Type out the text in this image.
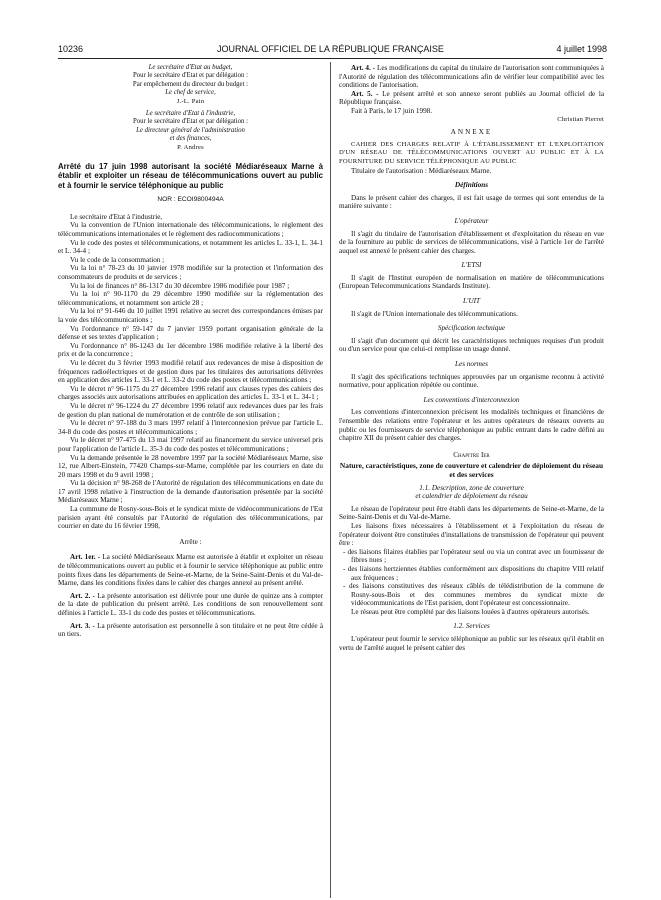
10236	JOURNAL OFFICIEL DE LA RÉPUBLIQUE FRANÇAISE	4 juillet 1998
Le secrétaire d'Etat au budget,
Pour le secrétaire d'Etat et par délégation :
Par empêchement du directeur du budget :
Le chef de service,
J.-L. Pain
Le secrétaire d'Etat à l'industrie,
Pour le secrétaire d'Etat et par délégation :
Le directeur général de l'administration
et des finances,
P. Andres
Arrêté du 17 juin 1998 autorisant la société Médiaréseaux Marne à établir et exploiter un réseau de télécommunications ouvert au public et à fournir le service téléphonique au public
NOR : ECOI9800494A

Le secrétaire d'Etat à l'industrie,

Vu la convention de l'Union internationale des télécommunications, le règlement des télécommunications internationales et le règlement des radiocommunications ;

Vu le code des postes et télécommunications, et notamment les articles L. 33-1, L. 34-1 et L. 34-4 ;

Vu le code de la consommation ;

Vu la loi n° 78-23 du 10 janvier 1978 modifiée sur la protection et l'information des consommateurs de produits et de services ;

Vu la loi de finances n° 86-1317 du 30 décembre 1986 modifiée pour 1987 ;

Vu la loi n° 90-1170 du 29 décembre 1990 modifiée sur la réglementation des télécommunications, et notamment son article 28 ;

Vu la loi n° 91-646 du 10 juillet 1991 relative au secret des correspondances émises par la voie des télécommunications ;

Vu l'ordonnance n° 59-147 du 7 janvier 1959 portant organisation générale de la défense et ses textes d'application ;

Vu l'ordonnance n° 86-1243 du 1er décembre 1986 modifiée relative à la liberté des prix et de la concurrence ;

Vu le décret du 3 février 1993 modifié relatif aux redevances de mise à disposition de fréquences radioélectriques et de gestion dues par les titulaires des autorisations délivrées en application des articles L. 33-1 et L. 33-2 du code des postes et télécommunications ;

Vu le décret n° 96-1175 du 27 décembre 1996 relatif aux clauses types des cahiers des charges associés aux autorisations attribuées en application des articles L. 33-1 et L. 34-1 ;

Vu le décret n° 96-1224 du 27 décembre 1996 relatif aux redevances dues par les frais de gestion du plan national de numérotation et de contrôle de son utilisation ;

Vu le décret n° 97-188 du 3 mars 1997 relatif à l'interconnexion prévue par l'article L. 34-8 du code des postes et télécommunications ;

Vu le décret n° 97-475 du 13 mai 1997 relatif au financement du service universel pris pour l'application de l'article L. 35-3 du code des postes et télécommunications ;

Vu la demande présentée le 28 novembre 1997 par la société Médiaréseaux Marne, sise 12, rue Albert-Einstein, 77420 Champs-sur-Marne, complétée par les courriers en date du 20 mars 1998 et du 9 avril 1998 ;

Vu la décision n° 98-268 de l'Autorité de régulation des télécommunications en date du 17 avril 1998 relative à l'instruction de la demande d'autorisation présentée par la société Médiaréseaux Marne ;

La commune de Rosny-sous-Bois et le syndicat mixte de vidéocommunications de l'Est parisien ayant été consultés par l'Autorité de régulation des télécommunications, par courrier en date du 16 février 1998,

Arrête :

Art. 1er. - La société Médiaréseaux Marne est autorisée à établir et exploiter un réseau de télécommunications ouvert au public et à fournir le service téléphonique au public entre points fixes dans les départements de Seine-et-Marne, de la Seine-Saint-Denis et du Val-de-Marne, dans les conditions fixées dans le cahier des charges annexé au présent arrêté.

Art. 2. - La présente autorisation est délivrée pour une durée de quinze ans à compter de la date de publication du présent arrêté. Les conditions de son renouvellement sont définies à l'article L. 33-1 du code des postes et télécommunications.

Art. 3. - La présente autorisation est personnelle à son titulaire et ne peut être cédée à un tiers.

Art. 4. - Les modifications du capital du titulaire de l'autorisation sont communiquées à l'Autorité de régulation des télécommunications afin de vérifier leur compatibilité avec les conditions de l'autorisation.

Art. 5. - Le présent arrêté et son annexe seront publiés au Journal officiel de la République française.

Fait à Paris, le 17 juin 1998.

Christian Pierret
ANNEXE

CAHIER DES CHARGES RELATIF À L'ÉTABLISSEMENT ET L'EXPLOITATION D'UN RÉSEAU DE TÉLÉCOMMUNICATIONS OUVERT AU PUBLIC ET À LA FOURNITURE DU SERVICE TÉLÉPHONIQUE AU PUBLIC

Titulaire de l'autorisation : Médiaréseaux Marne.

Définitions

Dans le présent cahier des charges, il est fait usage de termes qui sont entendus de la manière suivante :

L'opérateur

Il s'agit du titulaire de l'autorisation d'établissement et d'exploitation du réseau en vue de la fourniture au public de services de télécommunications, visé à l'article 1er de l'arrêté auquel est annexé le présent cahier des charges.

L'ETSI

Il s'agit de l'Institut européen de normalisation en matière de télécommunications (European Telecommunications Standards Institute).

L'UIT

Il s'agit de l'Union internationale des télécommunications.

Spécification technique

Il s'agit d'un document qui décrit les caractéristiques techniques requises d'un produit ou d'un service pour que celui-ci remplisse un usage donné.

Les normes

Il s'agit des spécifications techniques approuvées par un organisme reconnu à activité normative, pour application répétée ou continue.

Les conventions d'interconnexion

Les conventions d'interconnexion précisent les modalités techniques et financières de l'ensemble des relations entre l'opérateur et les autres opérateurs de réseaux ouverts au public ou les fournisseurs de service téléphonique au public entrant dans le cadre défini au chapitre XII du présent cahier des charges.

Chapitre Ier
Nature, caractéristiques, zone de couverture et calendrier de déploiement du réseau et des services
1.1. Description, zone de couverture
et calendrier de déploiement du réseau

Le réseau de l'opérateur peut être établi dans les départements de Seine-et-Marne, de la Seine-Saint-Denis et du Val-de-Marne.

Les liaisons fixes nécessaires à l'établissement et à l'exploitation du réseau de l'opérateur doivent être constituées d'installations de transmission de l'opérateur qui peuvent être :

- des liaisons filaires établies par l'opérateur seul ou via un contrat avec un fournisseur de fibres nues ;

- des liaisons hertziennes établies conformément aux dispositions du chapitre VIII relatif aux fréquences ;

- des liaisons constitutives des réseaux câblés de télédistribution de la commune de Rosny-sous-Bois et des communes membres du syndicat mixte de vidéocommunications de l'Est parisien, dont l'opérateur est concessionnaire.

Le réseau peut être complété par des liaisons louées à d'autres opérateurs autorisés.

1.2. Services

L'opérateur peut fournir le service téléphonique au public sur les réseaux qu'il établit en vertu de l'arrêté auquel le présent cahier des
